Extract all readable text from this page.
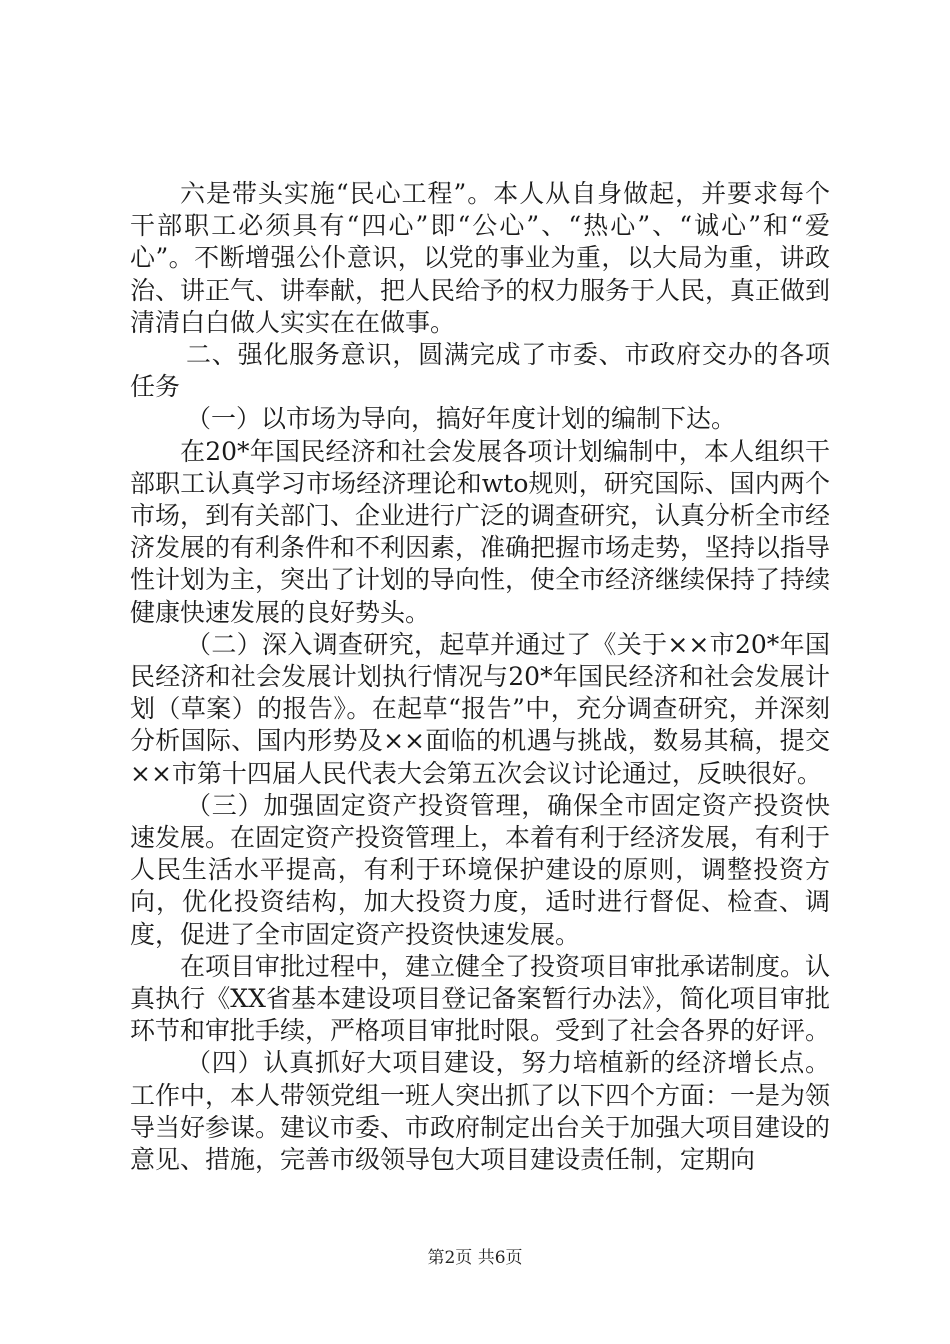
六是带头实施“民心工程”。本人从自身做起，并要求每个干部职工必须具有“四心”即“公心”、“热心”、“诚心”和“爱心”。不断增强公仆意识，以党的事业为重，以大局为重，讲政治、讲正气、讲奉献，把人民给予的权力服务于人民，真正做到清清白白做人实实在在做事。

二、强化服务意识，圆满完成了市委、市政府交办的各项任务

（一）以市场为导向，搞好年度计划的编制下达。

在20*年国民经济和社会发展各项计划编制中，本人组织干部职工认真学习市场经济理论和wto规则，研究国际、国内两个市场，到有关部门、企业进行广泛的调查研究，认真分析全市经济发展的有利条件和不利因素，准确把握市场走势，坚持以指导性计划为主，突出了计划的导向性，使全市经济继续保持了持续健康快速发展的良好势头。

（二）深入调查研究，起草并通过了《关于××市20*年国民经济和社会发展计划执行情况与20*年国民经济和社会发展计划（草案）的报告》。在起草“报告”中，充分调查研究，并深刻分析国际、国内形势及××面临的机遇与挑战，数易其稿，提交××市第十四届人民代表大会第五次会议讨论通过，反映很好。

（三）加强固定资产投资管理，确保全市固定资产投资快速发展。在固定资产投资管理上，本着有利于经济发展，有利于人民生活水平提高，有利于环境保护建设的原则，调整投资方向，优化投资结构，加大投资力度，适时进行督促、检查、调度，促进了全市固定资产投资快速发展。

在项目审批过程中，建立健全了投资项目审批承诺制度。认真执行《XX省基本建设项目登记备案暂行办法》，简化项目审批环节和审批手续，严格项目审批时限。受到了社会各界的好评。

（四）认真抓好大项目建设，努力培植新的经济增长点。工作中，本人带领党组一班人突出抓了以下四个方面：一是为领导当好参谋。建议市委、市政府制定出台关于加强大项目建设的意见、措施，完善市级领导包大项目建设责任制，定期向

第2页 共6页
